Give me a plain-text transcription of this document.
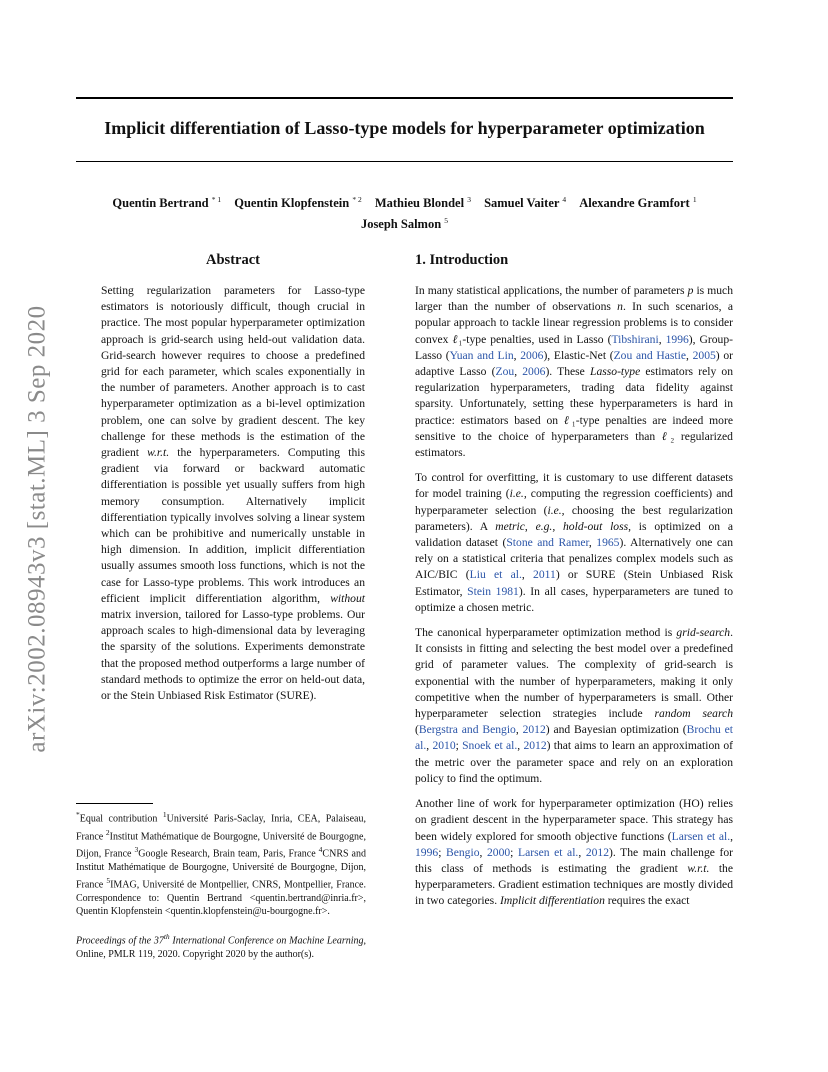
Implicit differentiation of Lasso-type models for hyperparameter optimization
Quentin Bertrand $^{* 1}$ Quentin Klopfenstein $^{* 2}$ Mathieu Blondel $^3$ Samuel Vaiter $^4$ Alexandre Gramfort $^1$
Joseph Salmon $^5$
arXiv:2002.08943v3 [stat.ML] 3 Sep 2020
Abstract

Setting regularization parameters for Lasso-type estimators is notoriously difficult, though crucial in practice. The most popular hyperparameter optimization approach is grid-search using held-out validation data. Grid-search however requires to choose a predefined grid for each parameter, which scales exponentially in the number of parameters. Another approach is to cast hyperparameter optimization as a bi-level optimization problem, one can solve by gradient descent. The key challenge for these methods is the estimation of the gradient w.r.t. the hyperparameters. Computing this gradient via forward or backward automatic differentiation is possible yet usually suffers from high memory consumption. Alternatively implicit differentiation typically involves solving a linear system which can be prohibitive and numerically unstable in high dimension. In addition, implicit differentiation usually assumes smooth loss functions, which is not the case for Lasso-type problems. This work introduces an efficient implicit differentiation algorithm, without matrix inversion, tailored for Lasso-type problems. Our approach scales to high-dimensional data by leveraging the sparsity of the solutions. Experiments demonstrate that the proposed method outperforms a large number of standard methods to optimize the error on held-out data, or the Stein Unbiased Risk Estimator (SURE).

*Equal contribution $^1$Université Paris-Saclay, Inria, CEA, Palaiseau, France $^2$Institut Mathématique de Bourgogne, Université de Bourgogne, Dijon, France $^3$Google Research, Brain team, Paris, France $^4$CNRS and Institut Mathématique de Bourgogne, Université de Bourgogne, Dijon, France $^5$IMAG, Université de Montpellier, CNRS, Montpellier, France. Correspondence to: Quentin Bertrand <quentin.bertrand@inria.fr>, Quentin Klopfenstein <quentin.klopfenstein@u-bourgogne.fr>.

Proceedings of the 37th International Conference on Machine Learning, Online, PMLR 119, 2020. Copyright 2020 by the author(s).

1. Introduction

In many statistical applications, the number of parameters p is much larger than the number of observations n. In such scenarios, a popular approach to tackle linear regression problems is to consider convex ℓ₁-type penalties, used in Lasso (Tibshirani, 1996), Group-Lasso (Yuan and Lin, 2006), Elastic-Net (Zou and Hastie, 2005) or adaptive Lasso (Zou, 2006). These Lasso-type estimators rely on regularization hyperparameters, trading data fidelity against sparsity. Unfortunately, setting these hyperparameters is hard in practice: estimators based on ℓ₁-type penalties are indeed more sensitive to the choice of hyperparameters than ℓ₂ regularized estimators.

To control for overfitting, it is customary to use different datasets for model training (i.e., computing the regression coefficients) and hyperparameter selection (i.e., choosing the best regularization parameters). A metric, e.g., hold-out loss, is optimized on a validation dataset (Stone and Ramer, 1965). Alternatively one can rely on a statistical criteria that penalizes complex models such as AIC/BIC (Liu et al., 2011) or SURE (Stein Unbiased Risk Estimator, Stein 1981). In all cases, hyperparameters are tuned to optimize a chosen metric.

The canonical hyperparameter optimization method is grid-search. It consists in fitting and selecting the best model over a predefined grid of parameter values. The complexity of grid-search is exponential with the number of hyperparameters, making it only competitive when the number of hyperparameters is small. Other hyperparameter selection strategies include random search (Bergstra and Bengio, 2012) and Bayesian optimization (Brochu et al., 2010; Snoek et al., 2012) that aims to learn an approximation of the metric over the parameter space and rely on an exploration policy to find the optimum.

Another line of work for hyperparameter optimization (HO) relies on gradient descent in the hyperparameter space. This strategy has been widely explored for smooth objective functions (Larsen et al., 1996; Bengio, 2000; Larsen et al., 2012). The main challenge for this class of methods is estimating the gradient w.r.t. the hyperparameters. Gradient estimation techniques are mostly divided in two categories. Implicit differentiation requires the exact
